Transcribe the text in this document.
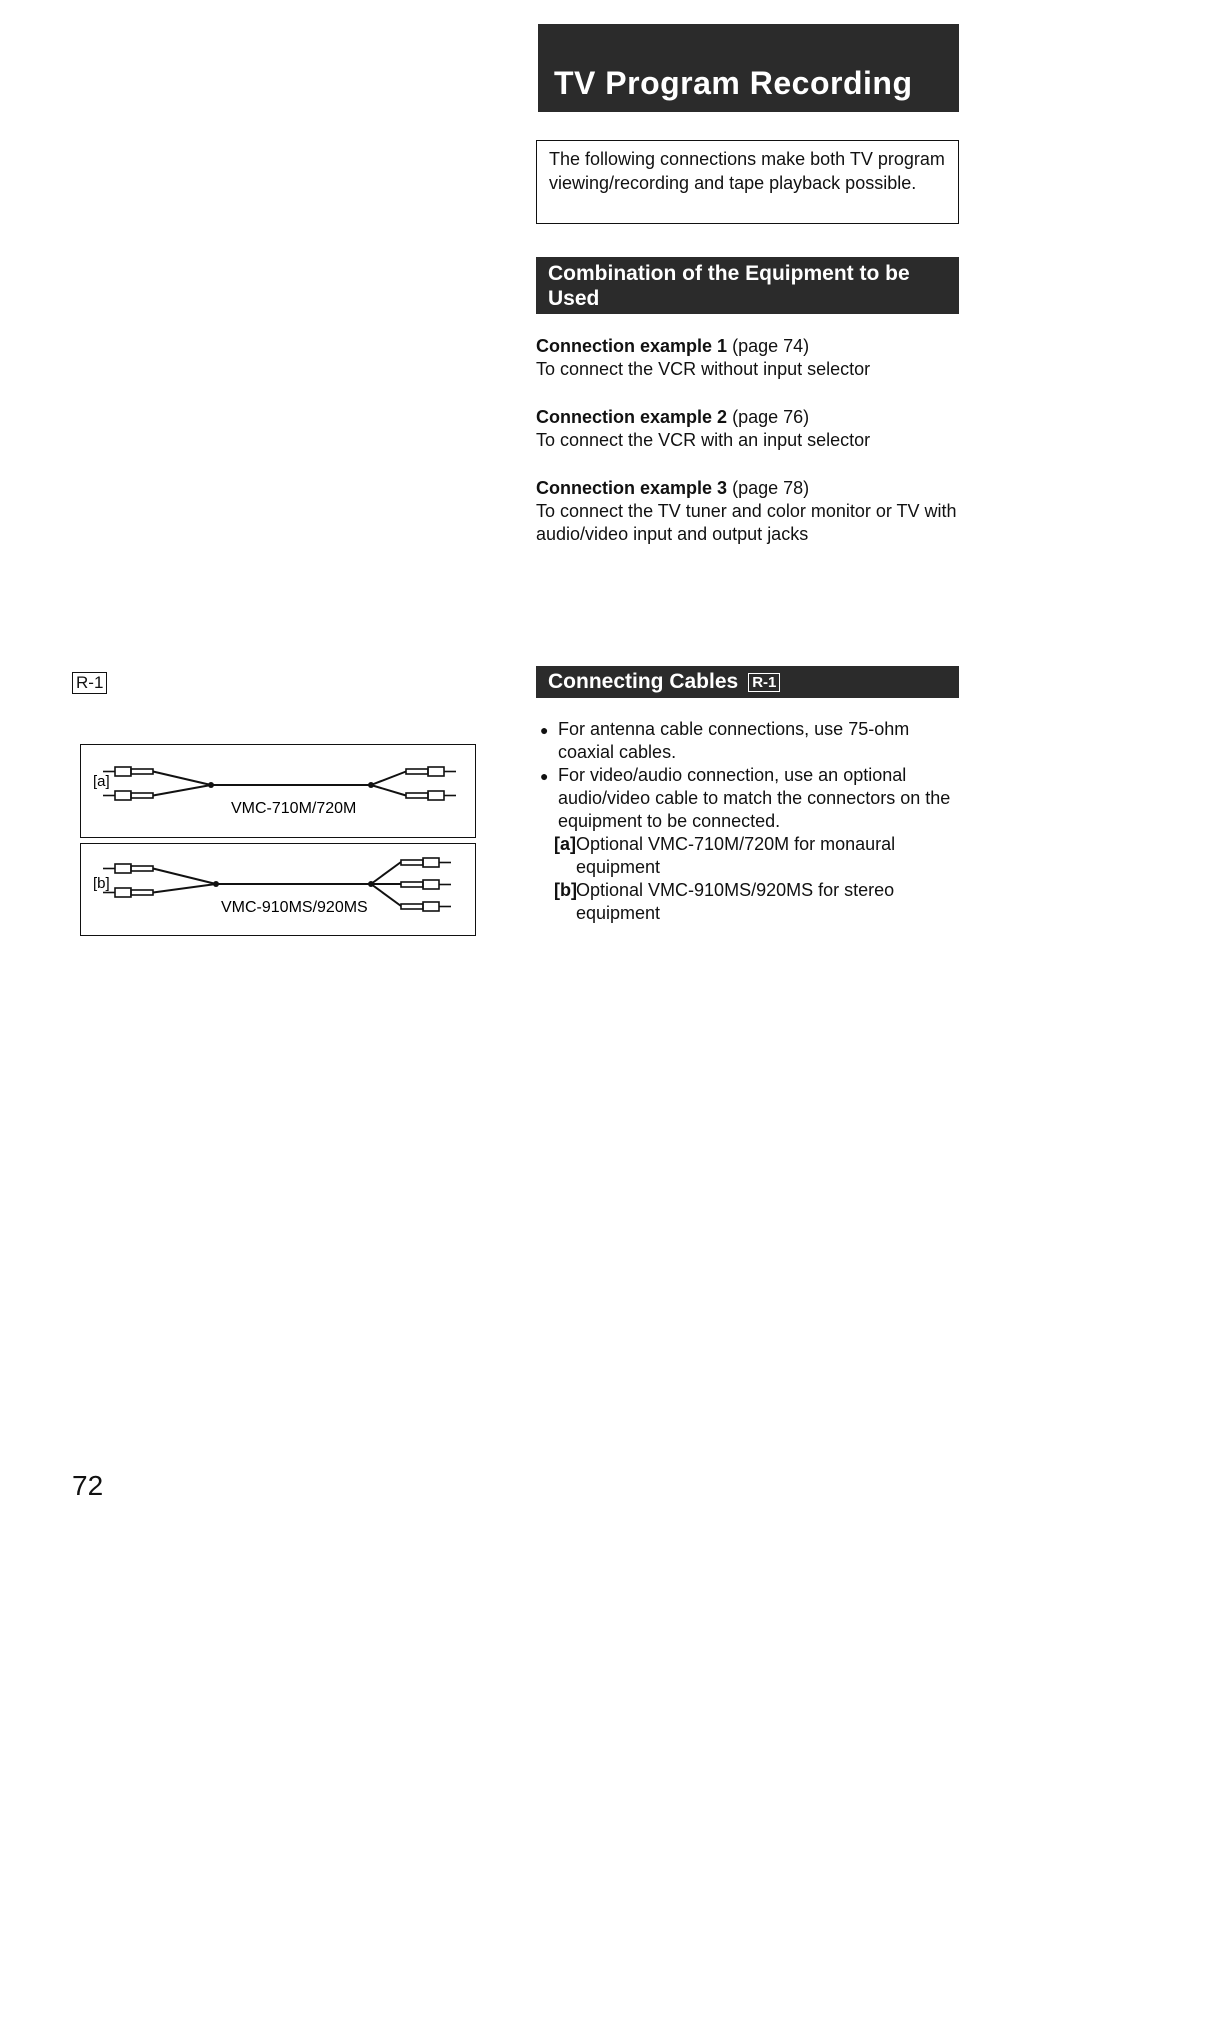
TV Program Recording
The following connections make both TV program viewing/recording and tape playback possible.
Combination of the Equipment to be Used
Connection example 1 (page 74)
To connect the VCR without input selector
Connection example 2 (page 76)
To connect the VCR with an input selector
Connection example 3 (page 78)
To connect the TV tuner and color monitor or TV with audio/video input and output jacks
Connecting Cables R-1
● For antenna cable connections, use 75-ohm coaxial cables.
● For video/audio connection, use an optional audio/video cable to match the connectors on the equipment to be connected.
[a] Optional VMC-710M/720M for monaural equipment
[b] Optional VMC-910MS/920MS for stereo equipment
R-1
[a]
VMC-710M/720M
[b]
VMC-910MS/920MS
72
